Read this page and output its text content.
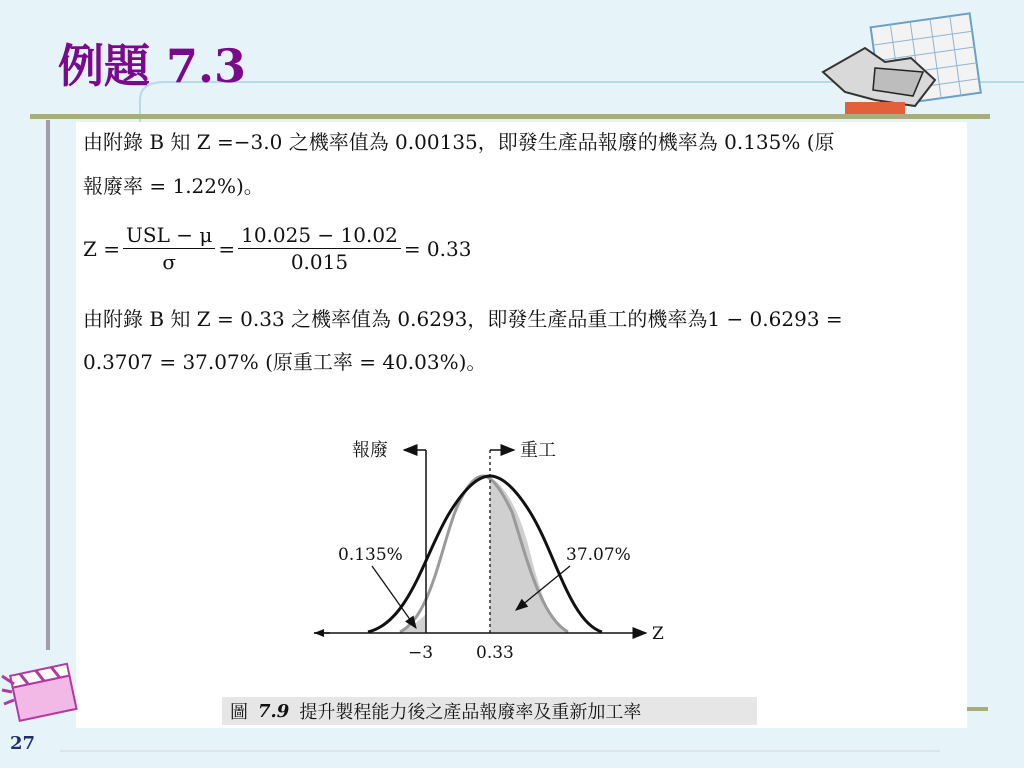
例題 7.3
由附錄 B 知 Z =−3.0 之機率值為 0.00135，即發生產品報廢的機率為 0.135% (原
報廢率 = 1.22%)。
$Z = \frac{\text{USL − μ}}{\sigma} = \frac{10.025 - 10.02}{0.015} = 0.33$
由附錄 B 知 Z = 0.33 之機率值為 0.6293，即發生產品重工的機率為1 − 0.6293 =
0.3707 = 37.07% (原重工率 = 40.03%)。
報廢	重工
0.135%	37.07%
−3	0.33
Z
圖 7.9 提升製程能力後之產品報廢率及重新加工率
27
